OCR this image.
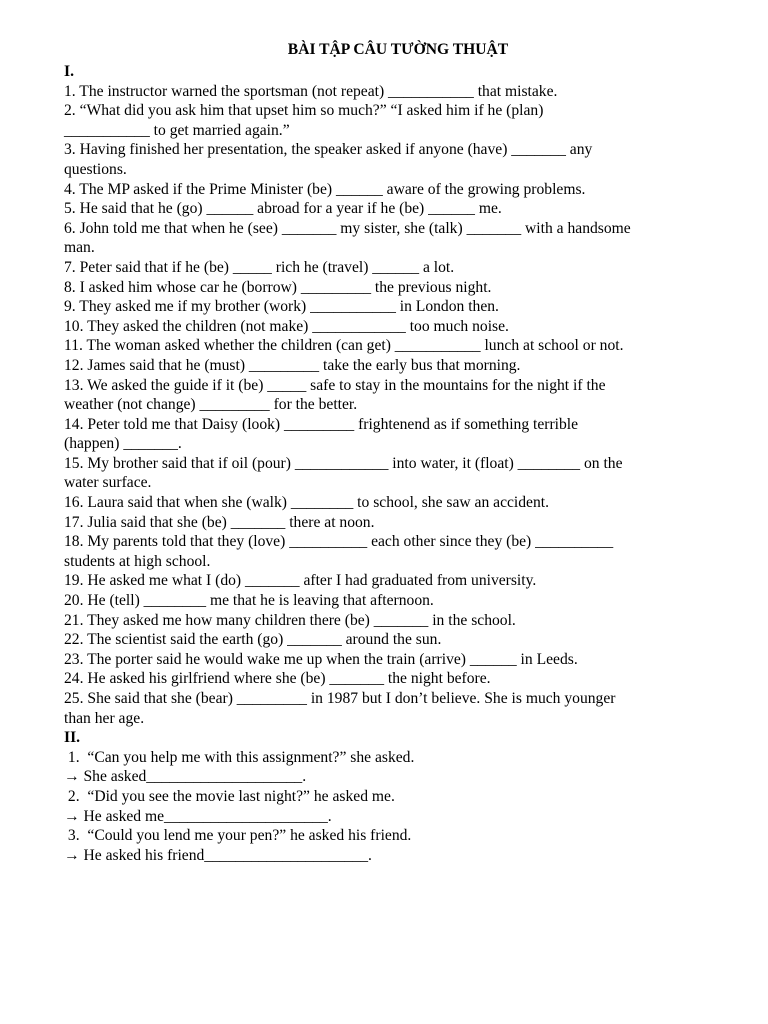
BÀI TẬP CÂU TƯỜNG THUẬT
I.
1. The instructor warned the sportsman (not repeat) ___________ that mistake.
2. “What did you ask him that upset him so much?” “I asked him if he (plan)
___________ to get married again.”
3. Having finished her presentation, the speaker asked if anyone (have) _______ any
questions.
4. The MP asked if the Prime Minister (be) ______ aware of the growing problems.
5. He said that he (go) ______ abroad for a year if he (be) ______ me.
6. John told me that when he (see) _______ my sister, she (talk) _______ with a handsome
man.
7. Peter said that if he (be) _____ rich he (travel) ______ a lot.
8. I asked him whose car he (borrow) _________ the previous night.
9. They asked me if my brother (work) ___________ in London then.
10. They asked the children (not make) ____________ too much noise.
11. The woman asked whether the children (can get) ___________ lunch at school or not.
12. James said that he (must) _________ take the early bus that morning.
13. We asked the guide if it (be) _____ safe to stay in the mountains for the night if the
weather (not change) _________ for the better.
14. Peter told me that Daisy (look) _________ frightenend as if something terrible
(happen) _______.
15. My brother said that if oil (pour) ____________ into water, it (float) ________ on the
water surface.
16. Laura said that when she (walk) ________ to school, she saw an accident.
17. Julia said that she (be) _______ there at noon.
18. My parents told that they (love) __________ each other since they (be) __________
students at high school.
19. He asked me what I (do) _______ after I had graduated from university.
20. He (tell) ________ me that he is leaving that afternoon.
21. They asked me how many children there (be) _______ in the school.
22. The scientist said the earth (go) _______ around the sun.
23. The porter said he would wake me up when the train (arrive) ______ in Leeds.
24. He asked his girlfriend where she (be) _______ the night before.
25. She said that she (bear) _________ in 1987 but I don’t believe. She is much younger
than her age.
II.
1.  “Can you help me with this assignment?” she asked.
→ She asked____________________.
2.  “Did you see the movie last night?” he asked me.
→ He asked me_____________________.
3.  “Could you lend me your pen?” he asked his friend.
→ He asked his friend_____________________.
